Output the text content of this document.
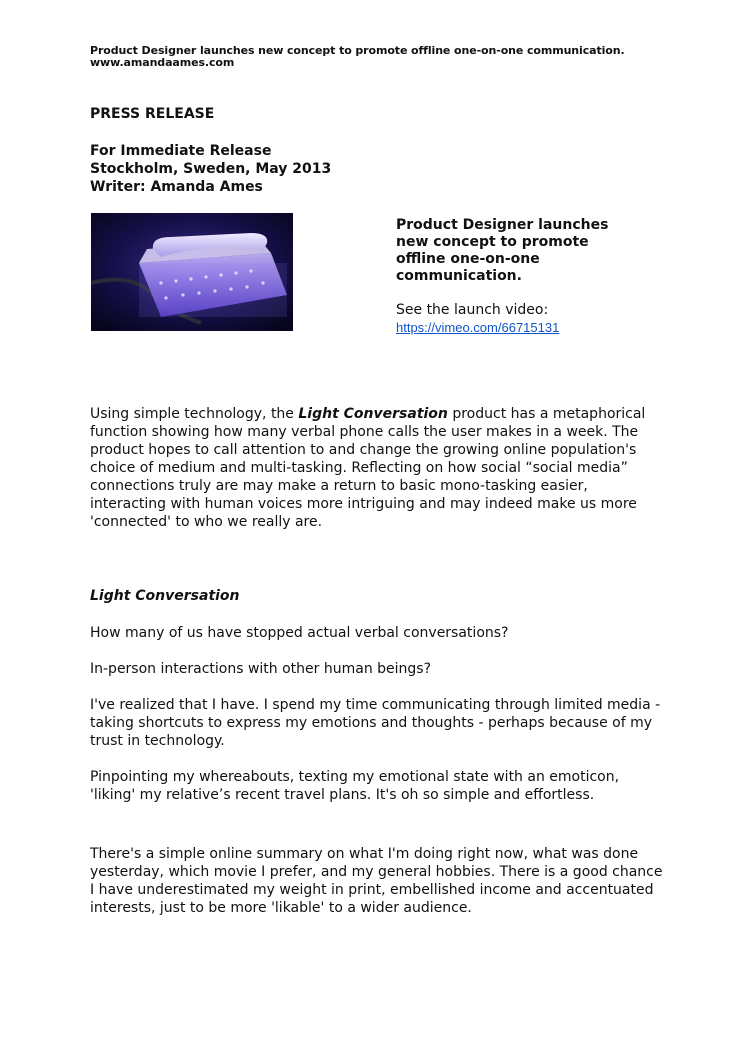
Product Designer launches new concept to promote offline one-on-one communication.
www.amandaames.com
PRESS RELEASE
For Immediate Release
Stockholm, Sweden, May 2013
Writer: Amanda Ames
Product Designer launches new concept to promote offline one-on-one communication.
See the launch video:
https://vimeo.com/66715131
Using simple technology, the Light Conversation product has a metaphorical function showing how many verbal phone calls the user makes in a week. The product hopes to call attention to and change the growing online population's choice of medium and multi-tasking. Reflecting on how social “social media” connections truly are may make a return to basic mono-tasking easier, interacting with human voices more intriguing and may indeed make us more 'connected' to who we really are.
Light Conversation
How many of us have stopped actual verbal conversations?
In-person interactions with other human beings?
I've realized that I have. I spend my time communicating through limited media - taking shortcuts to express my emotions and thoughts - perhaps because of my trust in technology.
Pinpointing my whereabouts, texting my emotional state with an emoticon, 'liking' my relative’s recent travel plans. It's oh so simple and effortless.
There's a simple online summary on what I'm doing right now, what was done yesterday, which movie I prefer, and my general hobbies. There is a good chance I have underestimated my weight in print, embellished income and accentuated interests, just to be more 'likable' to a wider audience.
